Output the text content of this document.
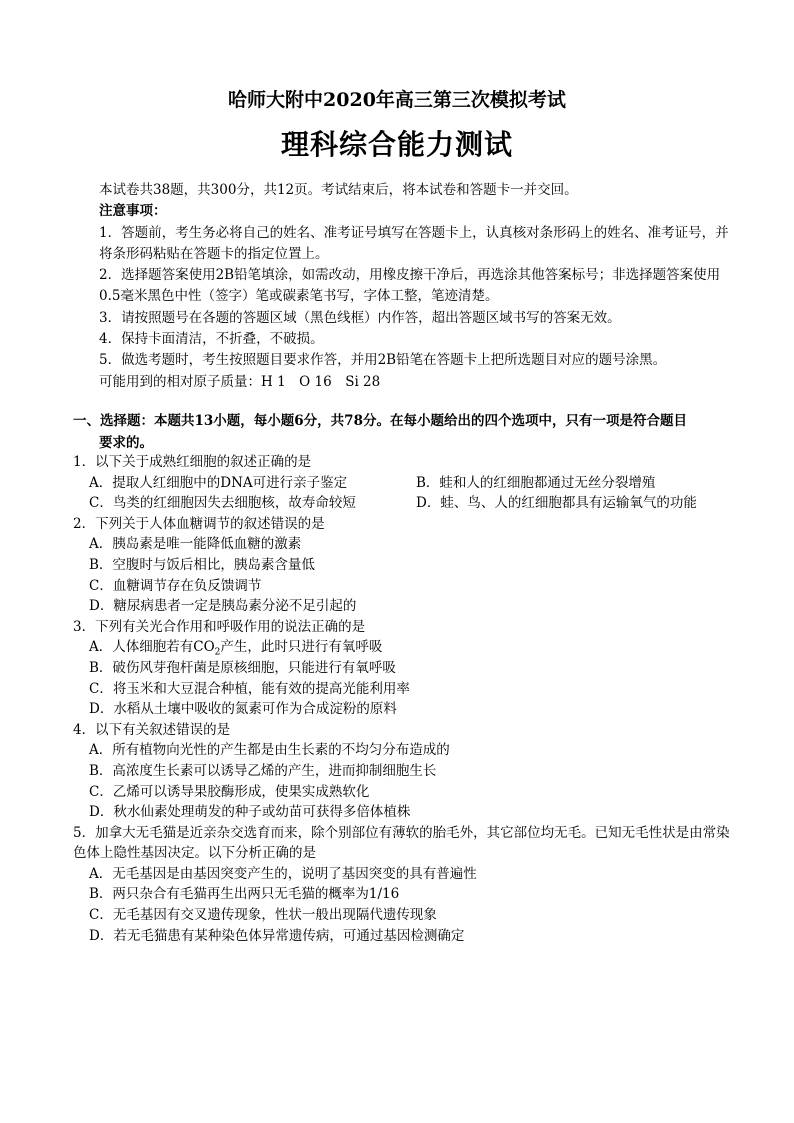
哈师大附中2020年高三第三次模拟考试
理科综合能力测试
本试卷共38题，共300分，共12页。考试结束后，将本试卷和答题卡一并交回。
注意事项：
1．答题前，考生务必将自己的姓名、准考证号填写在答题卡上，认真核对条形码上的姓名、准考证号，并将条形码粘贴在答题卡的指定位置上。
2．选择题答案使用2B铅笔填涂，如需改动，用橡皮擦干净后，再选涂其他答案标号；非选择题答案使用0.5毫米黑色中性（签字）笔或碳素笔书写，字体工整，笔迹清楚。
3．请按照题号在各题的答题区域（黑色线框）内作答，超出答题区域书写的答案无效。
4．保持卡面清洁，不折叠，不破损。
5．做选考题时，考生按照题目要求作答，并用2B铅笔在答题卡上把所选题目对应的题号涂黑。
可能用到的相对原子质量：H 1　O 16　Si 28
一、选择题：本题共13小题，每小题6分，共78分。在每小题给出的四个选项中，只有一项是符合题目
要求的。
1．以下关于成熟红细胞的叙述正确的是
A．提取人红细胞中的DNA可进行亲子鉴定	B．蛙和人的红细胞都通过无丝分裂增殖
C．鸟类的红细胞因失去细胞核，故寿命较短	D．蛙、鸟、人的红细胞都具有运输氧气的功能
2．下列关于人体血糖调节的叙述错误的是
A．胰岛素是唯一能降低血糖的激素
B．空腹时与饭后相比，胰岛素含量低
C．血糖调节存在负反馈调节
D．糖尿病患者一定是胰岛素分泌不足引起的
3．下列有关光合作用和呼吸作用的说法正确的是
A．人体细胞若有$CO_2$产生，此时只进行有氧呼吸
B．破伤风芽孢杆菌是原核细胞，只能进行有氧呼吸
C．将玉米和大豆混合种植，能有效的提高光能利用率
D．水稻从土壤中吸收的氮素可作为合成淀粉的原料
4．以下有关叙述错误的是
A．所有植物向光性的产生都是由生长素的不均匀分布造成的
B．高浓度生长素可以诱导乙烯的产生，进而抑制细胞生长
C．乙烯可以诱导果胶酶形成，使果实成熟软化
D．秋水仙素处理萌发的种子或幼苗可获得多倍体植株
5．加拿大无毛猫是近亲杂交选育而来，除个别部位有薄软的胎毛外，其它部位均无毛。已知无毛性状是由常染色体上隐性基因决定。以下分析正确的是
A．无毛基因是由基因突变产生的，说明了基因突变的具有普遍性
B．两只杂合有毛猫再生出两只无毛猫的概率为1/16
C．无毛基因有交叉遗传现象，性状一般出现隔代遗传现象
D．若无毛猫患有某种染色体异常遗传病，可通过基因检测确定
